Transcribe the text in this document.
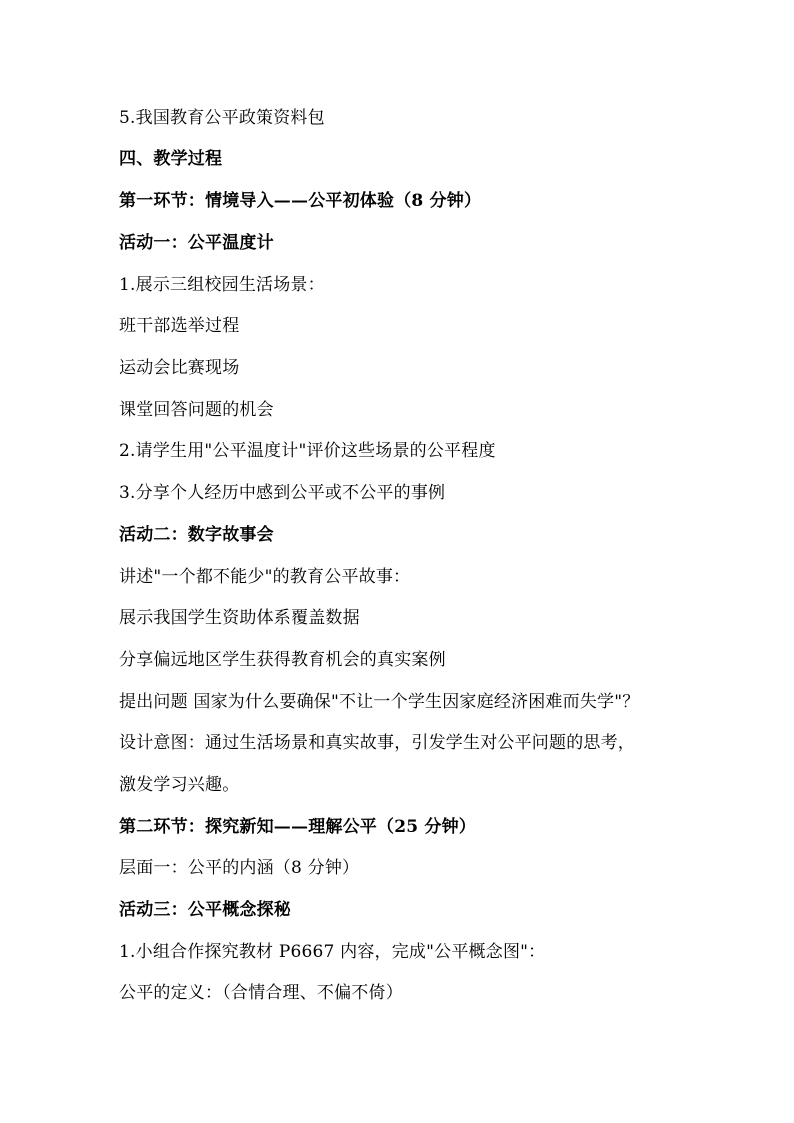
5.我国教育公平政策资料包
四、教学过程
第一环节：情境导入——公平初体验（8 分钟）
活动一：公平温度计
1.展示三组校园生活场景：
班干部选举过程
运动会比赛现场
课堂回答问题的机会
2.请学生用"公平温度计"评价这些场景的公平程度
3.分享个人经历中感到公平或不公平的事例
活动二：数字故事会
讲述"一个都不能少"的教育公平故事：
展示我国学生资助体系覆盖数据
分享偏远地区学生获得教育机会的真实案例
提出问题 国家为什么要确保"不让一个学生因家庭经济困难而失学"？
设计意图：通过生活场景和真实故事，引发学生对公平问题的思考，
激发学习兴趣。
第二环节：探究新知——理解公平（25 分钟）
层面一：公平的内涵（8 分钟）
活动三：公平概念探秘
1.小组合作探究教材 P6667 内容，完成"公平概念图"：
公平的定义：（合情合理、不偏不倚）
